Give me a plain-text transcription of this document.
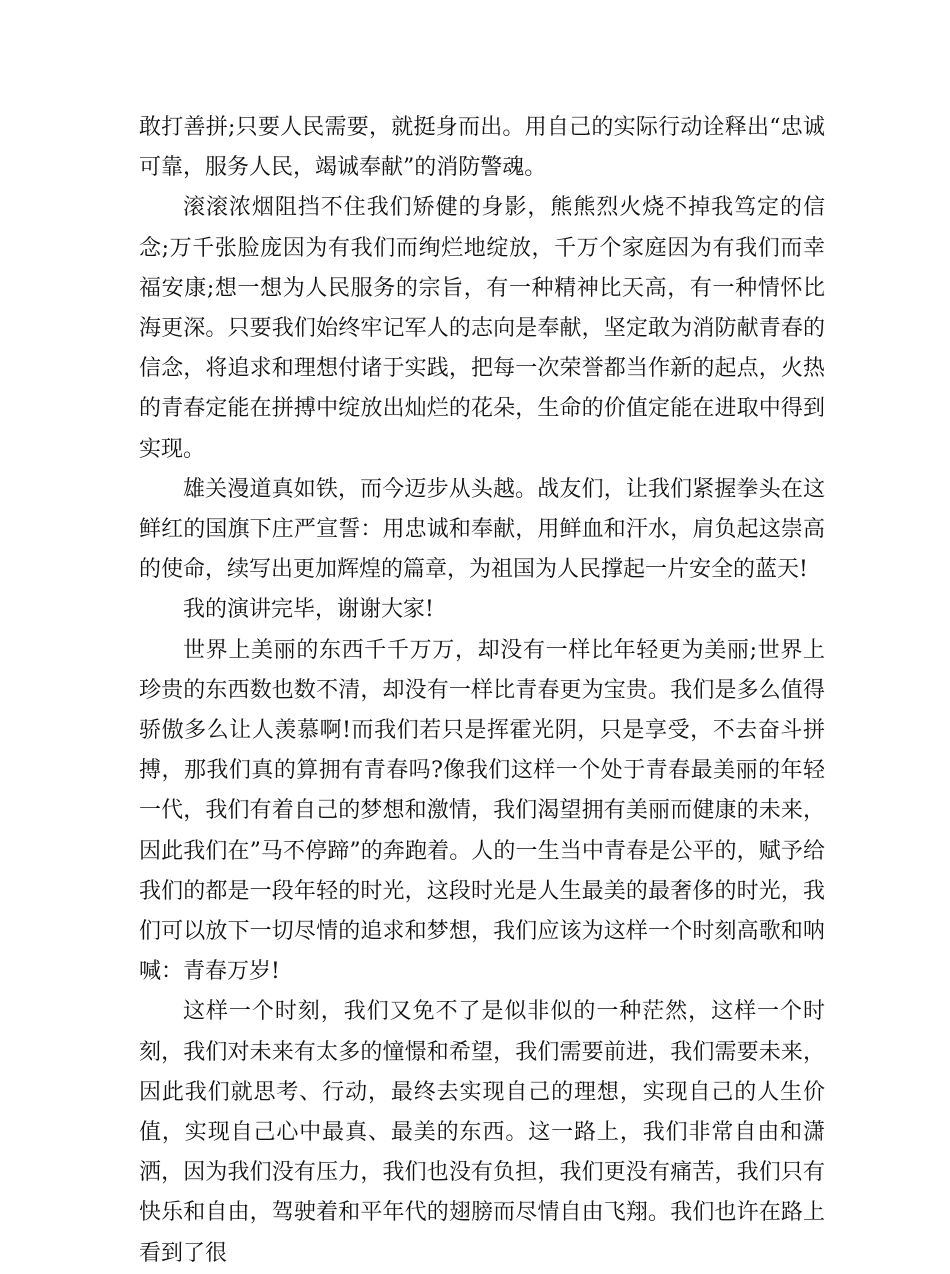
敢打善拼;只要人民需要，就挺身而出。用自己的实际行动诠释出“忠诚可靠，服务人民，竭诚奉献”的消防警魂。

滚滚浓烟阻挡不住我们矫健的身影，熊熊烈火烧不掉我笃定的信念;万千张脸庞因为有我们而绚烂地绽放，千万个家庭因为有我们而幸福安康;想一想为人民服务的宗旨，有一种精神比天高，有一种情怀比海更深。只要我们始终牢记军人的志向是奉献，坚定敢为消防献青春的信念，将追求和理想付诸于实践，把每一次荣誉都当作新的起点，火热的青春定能在拼搏中绽放出灿烂的花朵，生命的价值定能在进取中得到实现。

雄关漫道真如铁，而今迈步从头越。战友们，让我们紧握拳头在这鲜红的国旗下庄严宣誓：用忠诚和奉献，用鲜血和汗水，肩负起这崇高的使命，续写出更加辉煌的篇章，为祖国为人民撑起一片安全的蓝天!

我的演讲完毕，谢谢大家!

世界上美丽的东西千千万万，却没有一样比年轻更为美丽;世界上珍贵的东西数也数不清，却没有一样比青春更为宝贵。我们是多么值得骄傲多么让人羡慕啊!而我们若只是挥霍光阴，只是享受，不去奋斗拼搏，那我们真的算拥有青春吗?像我们这样一个处于青春最美丽的年轻一代，我们有着自己的梦想和激情，我们渴望拥有美丽而健康的未来，因此我们在”马不停蹄”的奔跑着。人的一生当中青春是公平的，赋予给我们的都是一段年轻的时光，这段时光是人生最美的最奢侈的时光，我们可以放下一切尽情的追求和梦想，我们应该为这样一个时刻高歌和呐喊：青春万岁!

这样一个时刻，我们又免不了是似非似的一种茫然，这样一个时刻，我们对未来有太多的憧憬和希望，我们需要前进，我们需要未来，因此我们就思考、行动，最终去实现自己的理想，实现自己的人生价值，实现自己心中最真、最美的东西。这一路上，我们非常自由和潇洒，因为我们没有压力，我们也没有负担，我们更没有痛苦，我们只有快乐和自由，驾驶着和平年代的翅膀而尽情自由飞翔。我们也许在路上看到了很
